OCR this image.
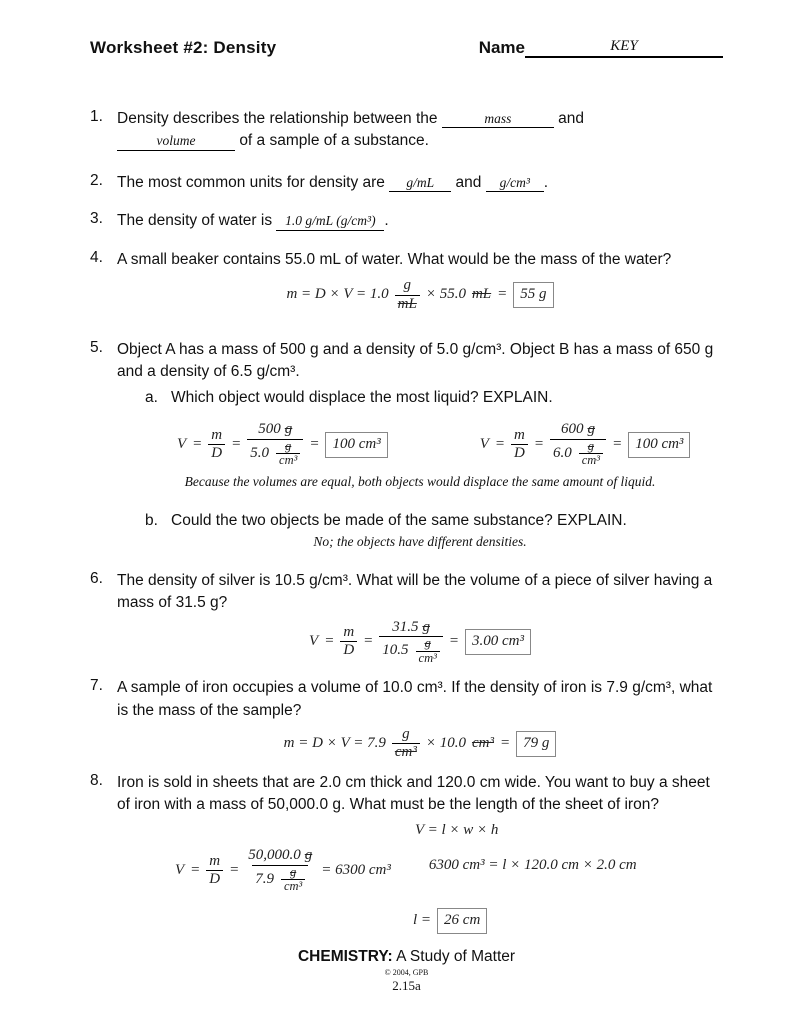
Worksheet #2: Density	Name	KEY
1. Density describes the relationship between the	mass	and
volume	of a sample of a substance.
2. The most common units for density are g/mL and g/cm³ .
3. The density of water is 1.0 g/mL (g/cm³) .
4. A small beaker contains 55.0 mL of water. What would be the mass of the water?
$m = D \times V = 1.0 \frac{g}{mL} \times 55.0$ mL = 55 g
5. Object A has a mass of 500 g and a density of 5.0 g/cm³. Object B has a mass of 650 g and a density of 6.5 g/cm³.
a. Which object would displace the most liquid? EXPLAIN.
$V = \frac{m}{D} = \frac{500 g}{5.0 \frac{g}{\text{cm³}}} = 100$ cm³	$V = \frac{m}{D} = \frac{600 g}{6.0 \frac{g}{\text{cm³}}} = 100$ cm³
Because the volumes are equal, both objects would displace the same amount of liquid.
b. Could the two objects be made of the same substance? EXPLAIN.
No; the objects have different densities.
6. The density of silver is 10.5 g/cm³. What will be the volume of a piece of silver having a mass of 31.5 g?
$V = \frac{m}{D} = \frac{31.5 g}{10.5 \frac{g}{\text{cm³}}} = 3.00$ cm³
7. A sample of iron occupies a volume of 10.0 cm³. If the density of iron is 7.9 g/cm³, what is the mass of the sample?
$m = D \times V = 7.9 \frac{g}{\text{cm³}} \times 10.0$ cm³ = 79 g
8. Iron is sold in sheets that are 2.0 cm thick and 120.0 cm wide. You want to buy a sheet of iron with a mass of 50,000.0 g. What must be the length of the sheet of iron?
V = l × w × h
$V = \frac{m}{D} = \frac{50,000.0 g}{7.9 \frac{g}{\text{cm³}}} = 6300$ cm³	6300 cm³ = l × 120.0 cm × 2.0 cm
l = 26 cm
CHEMISTRY: A Study of Matter
© 2004, GPB
2.15a
